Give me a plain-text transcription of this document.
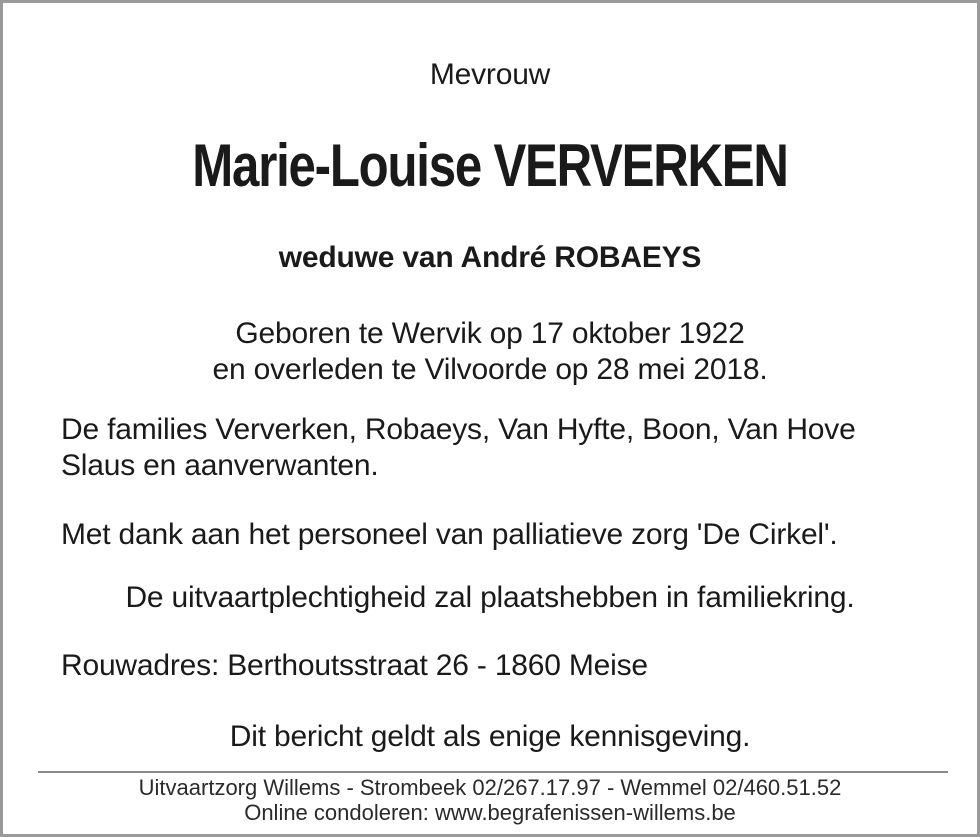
Mevrouw

Marie-Louise VERVERKEN

weduwe van André ROBAEYS

Geboren te Wervik op 17 oktober 1922

en overleden te Vilvoorde op 28 mei 2018.

De families Ververken, Robaeys, Van Hyfte, Boon, Van Hove

Slaus en aanverwanten.

Met dank aan het personeel van palliatieve zorg 'De Cirkel'.

De uitvaartplechtigheid zal plaatshebben in familiekring.

Rouwadres: Berthoutsstraat 26 - 1860 Meise

Dit bericht geldt als enige kennisgeving.

Uitvaartzorg Willems - Strombeek 02/267.17.97 - Wemmel 02/460.51.52

Online condoleren: www.begrafenissen-willems.be
